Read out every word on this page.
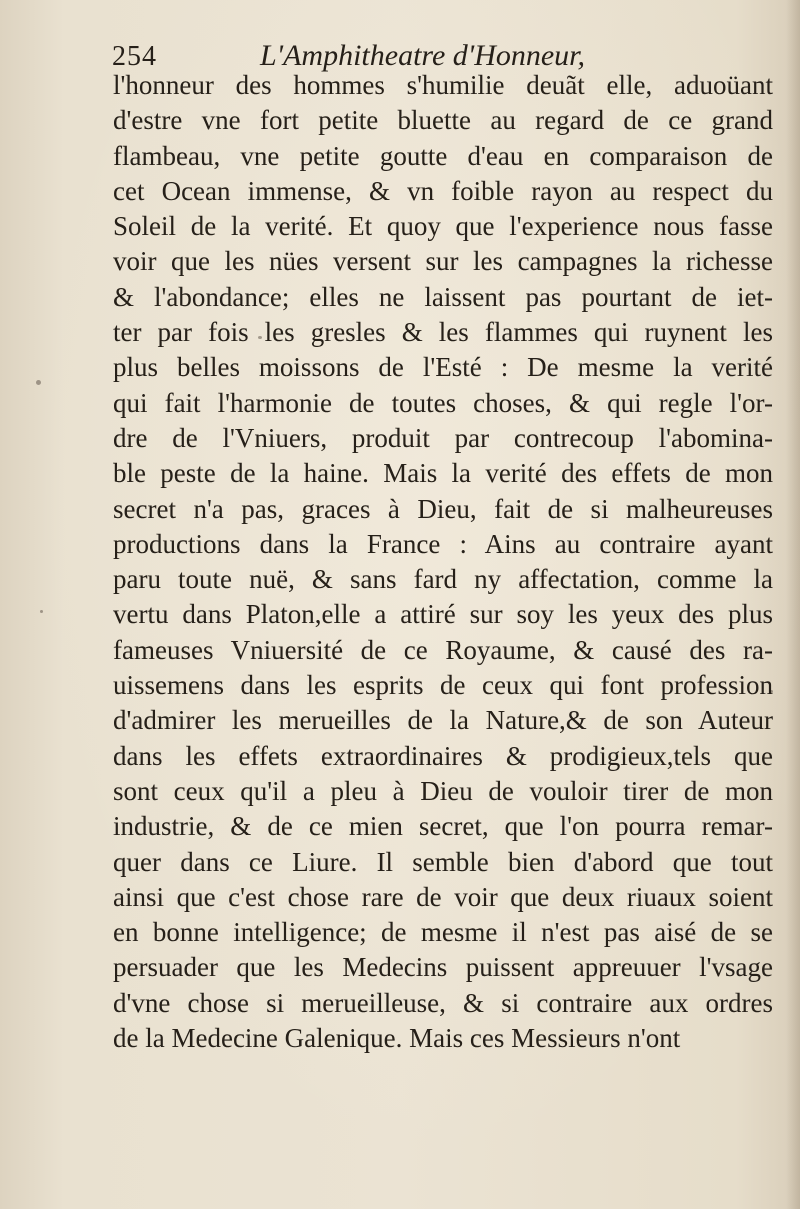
254	L'Amphitheatre d'Honneur,
l'honneur des hommes s'humilie deuãt elle, aduoüant
d'estre vne fort petite bluette au regard de ce grand
flambeau, vne petite goutte d'eau en comparaison de
cet Ocean immense, & vn foible rayon au respect du
Soleil de la verité. Et quoy que l'experience nous fasse
voir que les nües versent sur les campagnes la richesse
& l'abondance; elles ne laissent pas pourtant de iet-
ter par fois les gresles & les flammes qui ruynent les
plus belles moissons de l'Esté : De mesme la verité
qui fait l'harmonie de toutes choses, & qui regle l'or-
dre de l'Vniuers, produit par contrecoup l'abomina-
ble peste de la haine. Mais la verité des effets de mon
secret n'a pas, graces à Dieu, fait de si malheureuses
productions dans la France : Ains au contraire ayant
paru toute nuë, & sans fard ny affectation, comme la
vertu dans Platon,elle a attiré sur soy les yeux des plus
fameuses Vniuersité de ce Royaume, & causé des ra-
uissemens dans les esprits de ceux qui font profession
d'admirer les merueilles de la Nature,& de son Auteur
dans les effets extraordinaires & prodigieux,tels que
sont ceux qu'il a pleu à Dieu de vouloir tirer de mon
industrie, & de ce mien secret, que l'on pourra remar-
quer dans ce Liure. Il semble bien d'abord que tout
ainsi que c'est chose rare de voir que deux riuaux soient
en bonne intelligence; de mesme il n'est pas aisé de se
persuader que les Medecins puissent appreuuer l'vsage
d'vne chose si merueilleuse, & si contraire aux ordres
de la Medecine Galenique. Mais ces Messieurs n'ont
